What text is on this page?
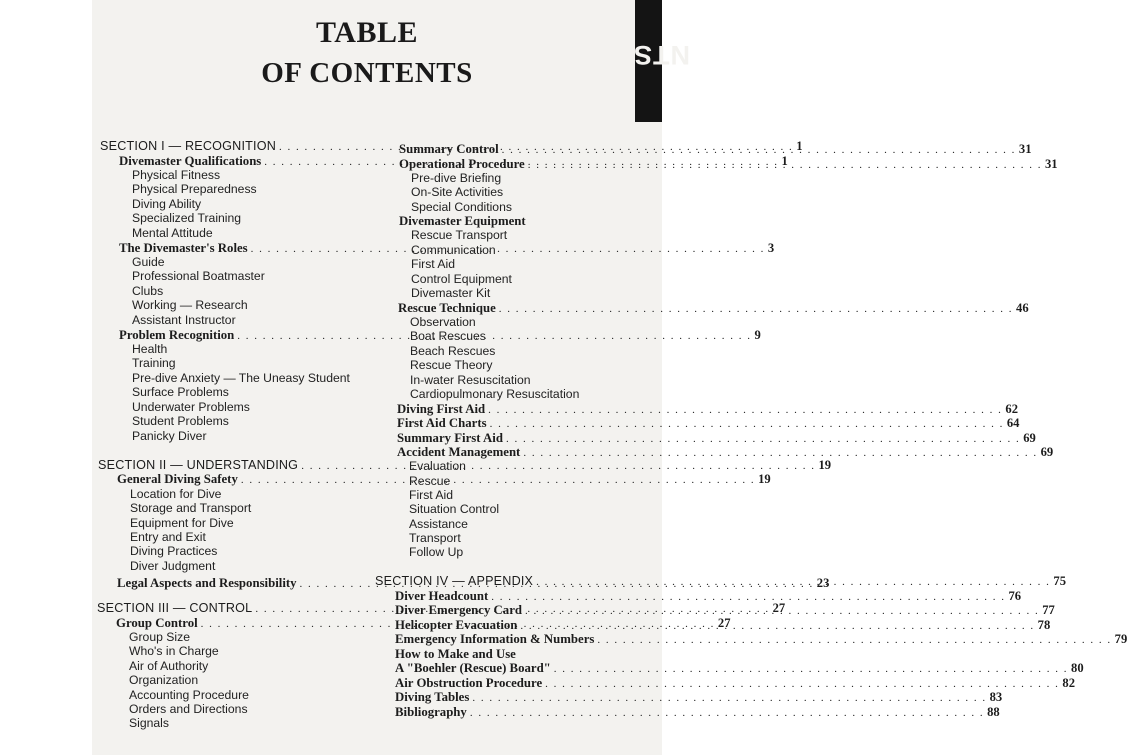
TABLE
OF CONTENTS
NTS
SECTION I — RECOGNITION . . .	1
Divemaster Qualifications . . .	1
Physical Fitness
Physical Preparedness
Diving Ability
Specialized Training
Mental Attitude
The Divemaster's Roles . . .	3
Guide
Professional Boatmaster
Clubs
Working — Research
Assistant Instructor
Problem Recognition . . .	9
Health
Training
Pre-dive Anxiety — The Uneasy Student
Surface Problems
Underwater Problems
Student Problems
Panicky Diver
SECTION II — UNDERSTANDING . . .	19
General Diving Safety . . .	19
Location for Dive
Storage and Transport
Equipment for Dive
Entry and Exit
Diving Practices
Diver Judgment
Legal Aspects and Responsibility . . .	23
SECTION III — CONTROL . . .	27
Group Control . . .	27
Group Size
Who's in Charge
Air of Authority
Organization
Accounting Procedure
Orders and Directions
Signals
Summary Control . . .	31
Operational Procedure . . .	31
Pre-dive Briefing
On-Site Activities
Special Conditions
Divemaster Equipment
Rescue Transport
Communication
First Aid
Control Equipment
Divemaster Kit
Rescue Technique . . .	46
Observation
Boat Rescues
Beach Rescues
Rescue Theory
In-water Resuscitation
Cardiopulmonary Resuscitation
Diving First Aid . . .	62
First Aid Charts . . .	64
Summary First Aid . . .	69
Accident Management . . .	69
Evaluation
Rescue
First Aid
Situation Control
Assistance
Transport
Follow Up
SECTION IV — APPENDIX . . .	75
Diver Headcount . . .	76
Diver Emergency Card . . .	77
Helicopter Evacuation . . .	78
Emergency Information & Numbers . . .	79
How to Make and Use
A "Boehler (Rescue) Board" . . .	80
Air Obstruction Procedure . . .	82
Diving Tables . . .	83
Bibliography . . .	88
